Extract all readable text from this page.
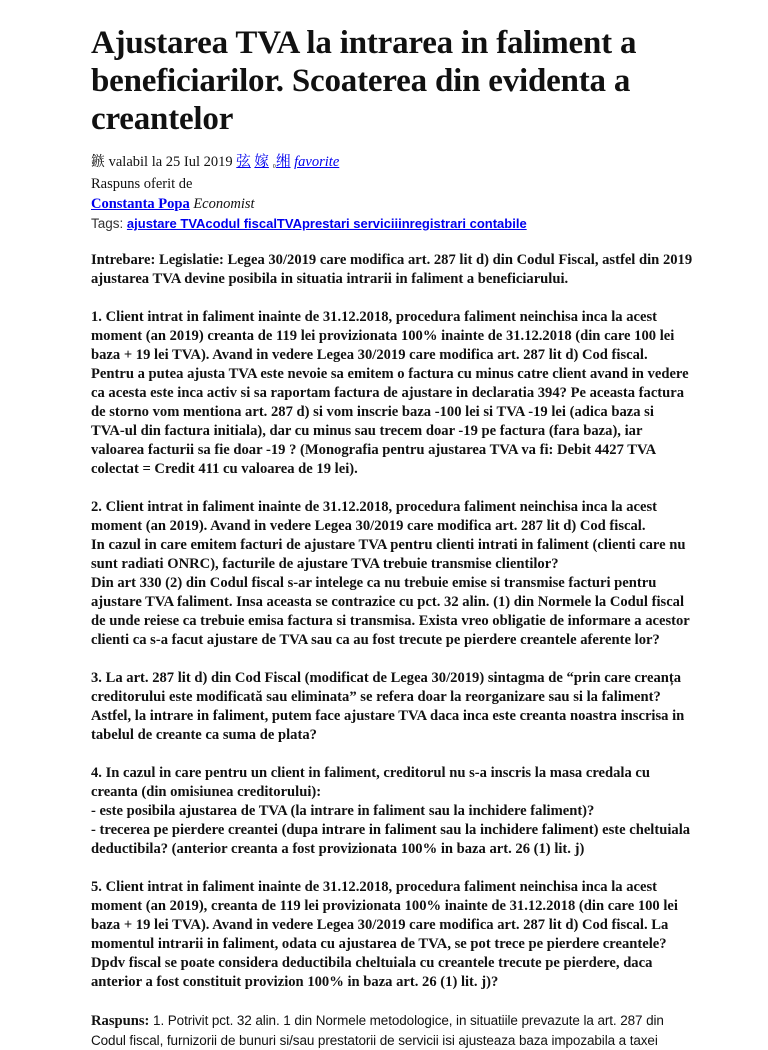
Ajustarea TVA la intrarea in faliment a beneficiarilor. Scoaterea din evidenta a creantelor
鏃 valabil la 25 Iul 2019 弦 嫁 ₀缃 favorite
Raspuns oferit de
Constanta Popa Economist
Tags: ajustare TVAcodul fiscalTVAprestari serviciiinregistrari contabile

Intrebare: Legislatie: Legea 30/2019 care modifica art. 287 lit d) din Codul Fiscal, astfel din 2019
ajustarea TVA devine posibila in situatia intrarii in faliment a beneficiarului.

1. Client intrat in faliment inainte de 31.12.2018, procedura faliment neinchisa inca la acest
moment (an 2019) creanta de 119 lei provizionata 100% inainte de 31.12.2018 (din care 100 lei
baza + 19 lei TVA). Avand in vedere Legea 30/2019 care modifica art. 287 lit d) Cod fiscal.
Pentru a putea ajusta TVA este nevoie sa emitem o factura cu minus catre client avand in vedere
ca acesta este inca activ si sa raportam factura de ajustare in declaratia 394? Pe aceasta factura
de storno vom mentiona art. 287 d) si vom inscrie baza -100 lei si TVA -19 lei (adica baza si
TVA-ul din factura initiala), dar cu minus sau trecem doar -19 pe factura (fara baza), iar
valoarea facturii sa fie doar -19 ? (Monografia pentru ajustarea TVA va fi: Debit 4427 TVA
colectat = Credit 411 cu valoarea de 19 lei).

2. Client intrat in faliment inainte de 31.12.2018, procedura faliment neinchisa inca la acest
moment (an 2019). Avand in vedere Legea 30/2019 care modifica art. 287 lit d) Cod fiscal.
In cazul in care emitem facturi de ajustare TVA pentru clienti intrati in faliment (clienti care nu
sunt radiati ONRC), facturile de ajustare TVA trebuie transmise clientilor?
Din art 330 (2) din Codul fiscal s-ar intelege ca nu trebuie emise si transmise facturi pentru
ajustare TVA faliment. Insa aceasta se contrazice cu pct. 32 alin. (1) din Normele la Codul fiscal
de unde reiese ca trebuie emisa factura si transmisa. Exista vreo obligatie de informare a acestor
clienti ca s-a facut ajustare de TVA sau ca au fost trecute pe pierdere creantele aferente lor?

3. La art. 287 lit d) din Cod Fiscal (modificat de Legea 30/2019) sintagma de “prin care creanța
creditorului este modificată sau eliminata” se refera doar la reorganizare sau si la faliment?
Astfel, la intrare in faliment, putem face ajustare TVA daca inca este creanta noastra inscrisa in
tabelul de creante ca suma de plata?

4. In cazul in care pentru un client in faliment, creditorul nu s-a inscris la masa credala cu
creanta (din omisiunea creditorului):
- este posibila ajustarea de TVA (la intrare in faliment sau la inchidere faliment)?
- trecerea pe pierdere creantei (dupa intrare in faliment sau la inchidere faliment) este cheltuiala
deductibila? (anterior creanta a fost provizionata 100% in baza art. 26 (1) lit. j)

5. Client intrat in faliment inainte de 31.12.2018, procedura faliment neinchisa inca la acest
moment (an 2019), creanta de 119 lei provizionata 100% inainte de 31.12.2018 (din care 100 lei
baza + 19 lei TVA). Avand in vedere Legea 30/2019 care modifica art. 287 lit d) Cod fiscal. La
momentul intrarii in faliment, odata cu ajustarea de TVA, se pot trece pe pierdere creantele?
Dpdv fiscal se poate considera deductibila cheltuiala cu creantele trecute pe pierdere, daca
anterior a fost constituit provizion 100% in baza art. 26 (1) lit. j)?

Raspuns: 1. Potrivit pct. 32 alin. 1 din Normele metodologice, in situatiile prevazute la art. 287 din
Codul fiscal, furnizorii de bunuri si/sau prestatorii de servicii isi ajusteaza baza impozabila a taxei
